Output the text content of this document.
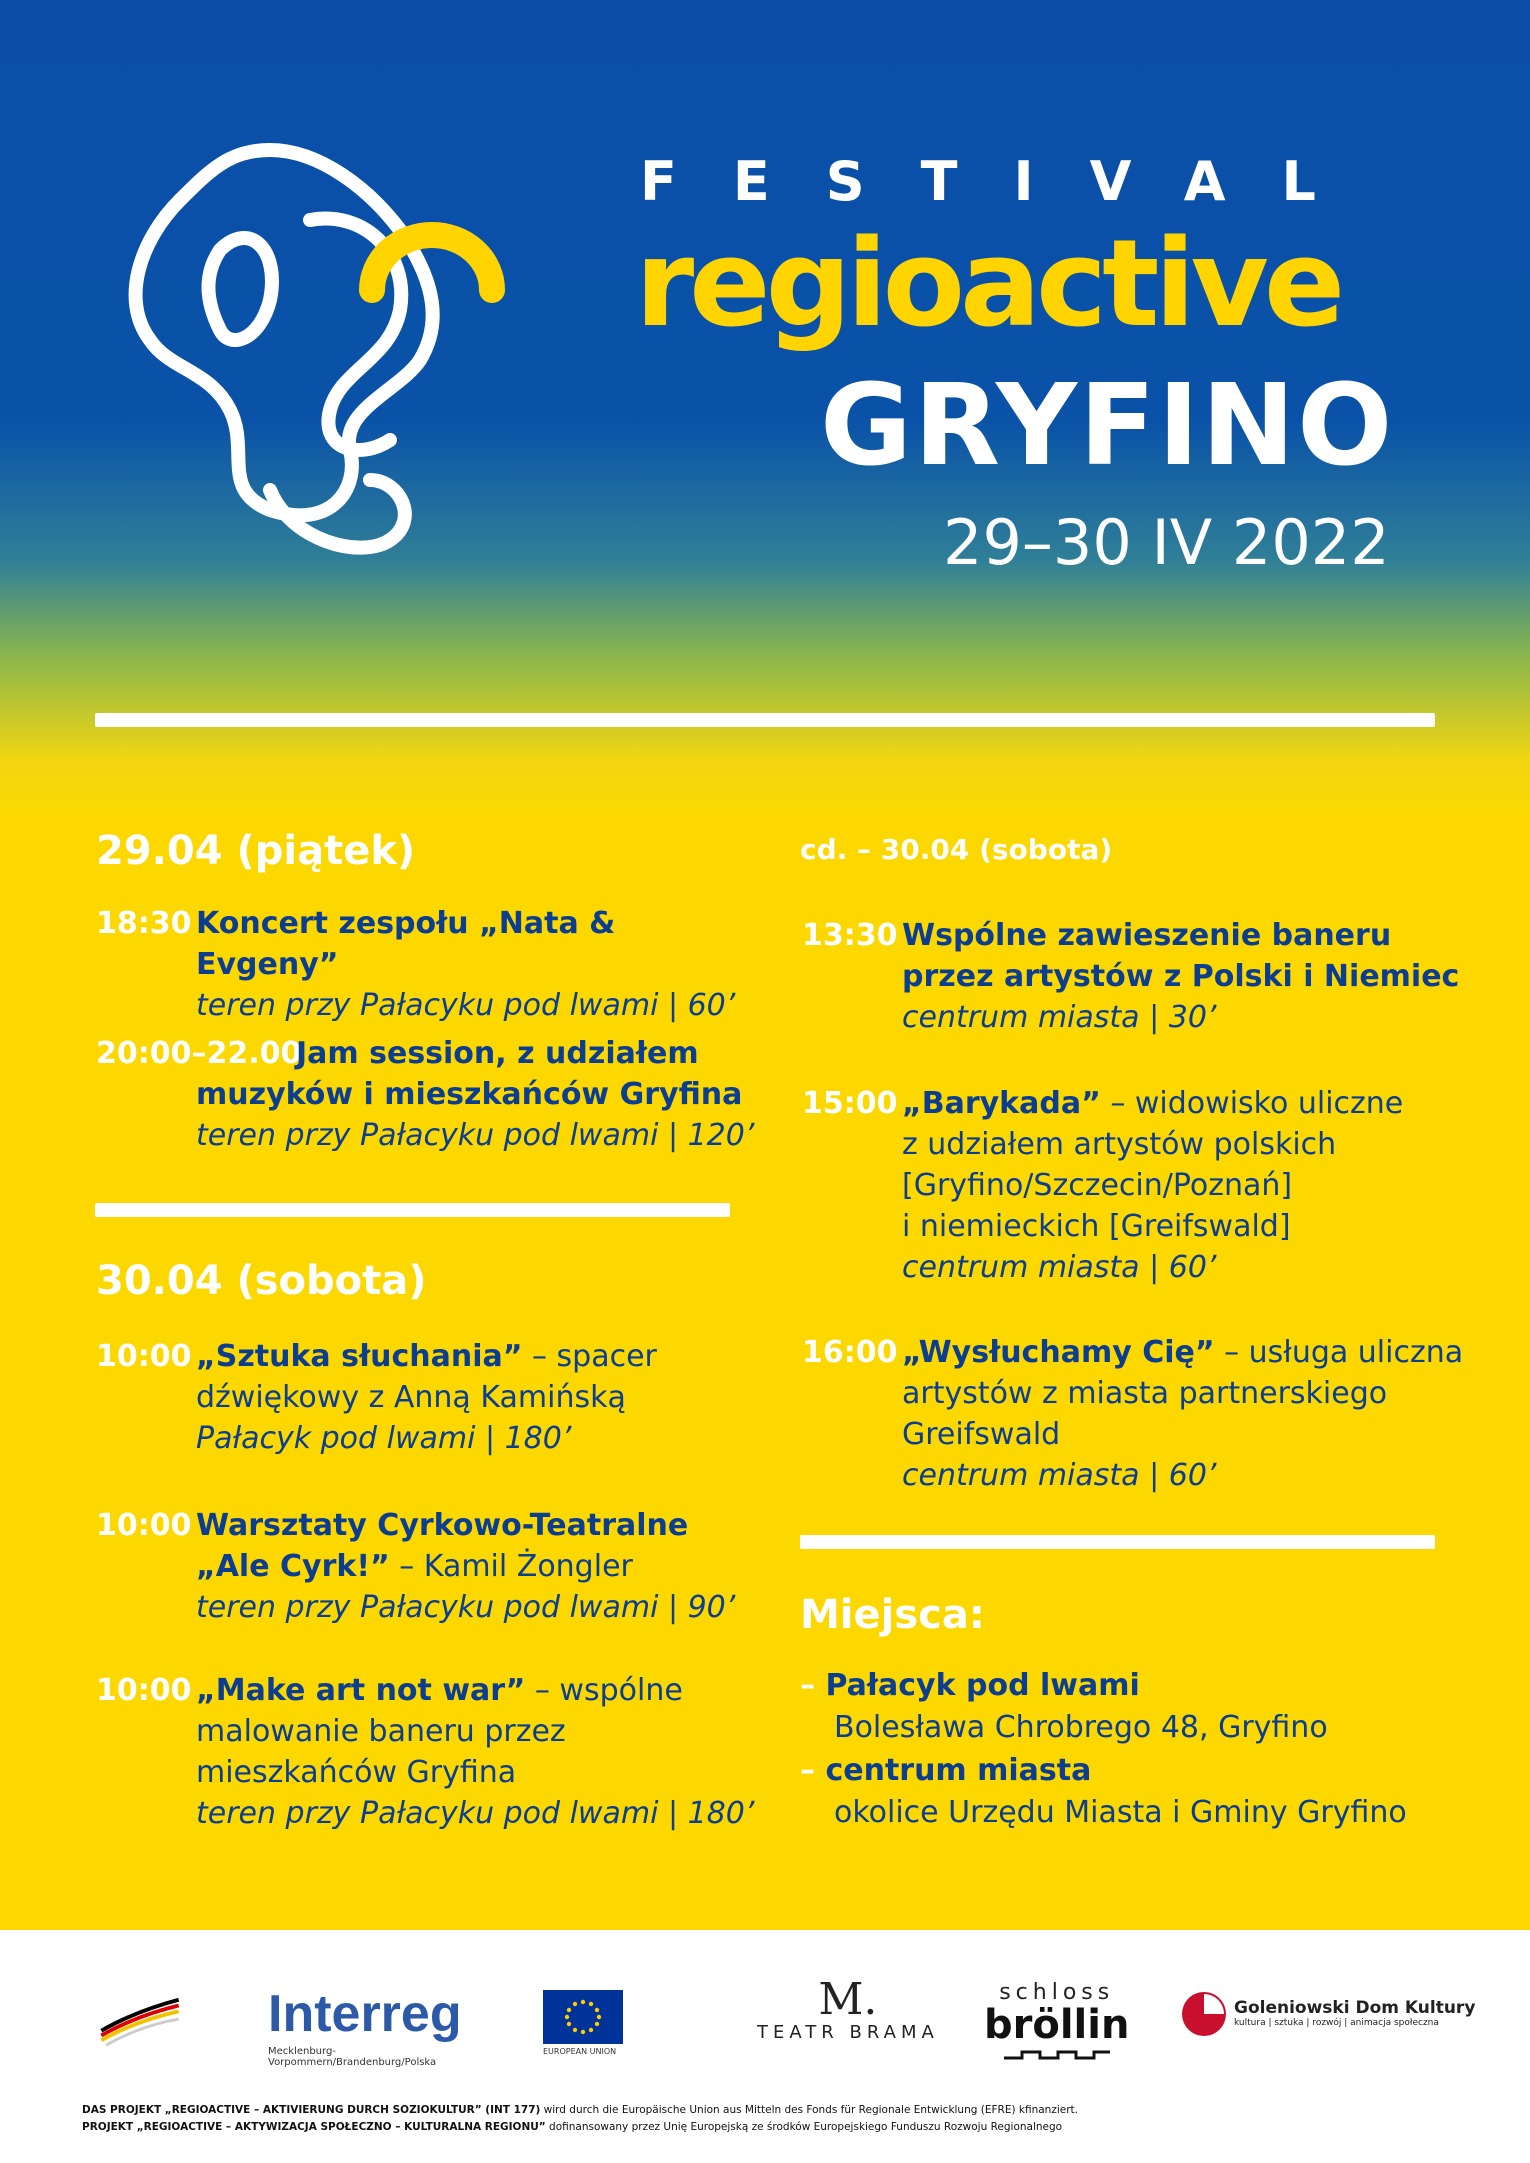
FESTIVAL
regioactive
GRYFINO
29–30 IV 2022
29.04 (piątek)
18:30 Koncert zespołu „Nata & Evgeny”
teren przy Pałacyku pod lwami | 60’
20:00–22.00
Jam session, z udziałem
muzyków i mieszkańców Gryfina
teren przy Pałacyku pod lwami | 120’
30.04 (sobota)
10:00 „Sztuka słuchania” – spacer
dźwiękowy z Anną Kamińską
Pałacyk pod lwami | 180’
10:00 Warsztaty Cyrkowo-Teatralne
„Ale Cyrk!” – Kamil Żongler
teren przy Pałacyku pod lwami | 90’
10:00 „Make art not war” – wspólne
malowanie baneru przez
mieszkańców Gryfina
teren przy Pałacyku pod lwami | 180’
cd. – 30.04 (sobota)
13:30 Wspólne zawieszenie baneru
przez artystów z Polski i Niemiec
centrum miasta | 30’
15:00 „Barykada” – widowisko uliczne
z udziałem artystów polskich
[Gryfino/Szczecin/Poznań]
i niemieckich [Greifswald]
centrum miasta | 60’
16:00 „Wysłuchamy Cię” – usługa uliczna
artystów z miasta partnerskiego
Greifswald
centrum miasta | 60’
Miejsca:
– Pałacyk pod lwami
Bolesława Chrobrego 48, Gryfino
– centrum miasta
okolice Urzędu Miasta i Gminy Gryfino
Interreg
Mecklenburg-Vorpommern/Brandenburg/Polska
EUROPEAN UNION
M.
TEATR BRAMA
schloss
bröllin	Goleniowski Dom Kultury
kultura | sztuka | rozwój | animacja społeczna
DAS PROJEKT „REGIOACTIVE – AKTIVIERUNG DURCH SOZIOKULTUR” (INT 177) wird durch die Europäische Union aus Mitteln des Fonds für Regionale Entwicklung (EFRE) kfinanziert.
PROJEKT „REGIOACTIVE – AKTYWIZACJA SPOŁECZNO – KULTURALNA REGIONU” dofinansowany przez Unię Europejską ze środków Europejskiego Funduszu Rozwoju Regionalnego
